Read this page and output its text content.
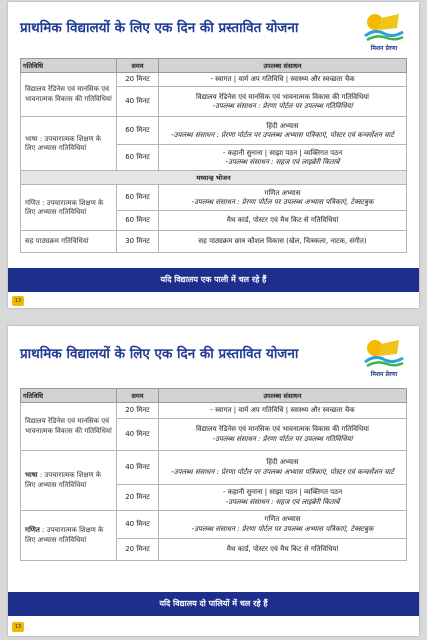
प्राथमिक विद्यालयों के लिए एक दिन की प्रस्तावित योजना
मिशन प्रेरणा
गतिविधि	समय	उपलब्ध संसाधन
विद्यालय रेडिनेस एवं मानसिक एवं भावनात्मक विकास की गतिविधियां	20 मिनट	- स्वागत | वार्म अप गतिविधि | स्वास्थ्य और स्वच्छता चैक

	40 मिनट	विद्यालय रेडिनेस एवं मानसिक एवं भावनात्मक विकास की गतिविधियां
-उपलब्ध संसाधन : प्रेरणा पोर्टल पर उपलब्ध गतिविधियां

भाषा : उपचारात्मक शिक्षण के लिए अभ्यास गतिविधियां	60 मिनट	हिंदी अभ्यास
-उपलब्ध संसाधन : प्रेरणा पोर्टल पर उपलब्ध अभ्यास पत्रिकाएं, पोस्टर एवं कन्वर्सेशन चार्ट

	60 मिनट	- कहानी सुनाना | साझा पठन | व्यक्तिगत पठन
-उपलब्ध संसाधन : सहज एवं लाइब्रेरी किताबें

मध्यान्ह भोजन		
गणित : उपचारात्मक शिक्षण के लिए अभ्यास गतिविधियां	60 मिनट	गणित अभ्यास
-उपलब्ध संसाधन : प्रेरणा पोर्टल पर उपलब्ध अभ्यास पत्रिकाएं, टेक्स्टबुक

	60 मिनट	मैथ कार्ड, पोस्टर एवं मैथ किट से गतिविधियां

सह पाठ्यक्रम गतिविधियां	30 मिनट	सह पाठ्यक्रम छात्र कौशल विकास (खेल, चित्रकला, नाटक, संगीत)
यदि विद्यालय एक पाली में चल रहे हैं
13
प्राथमिक विद्यालयों के लिए एक दिन की प्रस्तावित योजना
मिशन प्रेरणा
गतिविधि	समय	उपलब्ध संसाधन
विद्यालय रेडिनेस एवं मानसिक एवं भावनात्मक विकास की गतिविधियां	20 मिनट	- स्वागत | वार्म अप गतिविधि | स्वास्थ्य और स्वच्छता चैक

	40 मिनट	विद्यालय रेडिनेस एवं मानसिक एवं भावनात्मक विकास की गतिविधियां
-उपलब्ध संसाधन : प्रेरणा पोर्टल पर उपलब्ध गतिविधियां

भाषा : उपचारात्मक शिक्षण के लिए अभ्यास गतिविधियां	40 मिनट	हिंदी अभ्यास
-उपलब्ध संसाधन : प्रेरणा पोर्टल पर उपलब्ध अभ्यास पत्रिकाएं, पोस्टर एवं कन्वर्सेशन चार्ट

	20 मिनट	- कहानी सुनाना | साझा पठन | व्यक्तिगत पठन
-उपलब्ध संसाधन : सहज एवं लाइब्रेरी किताबें

गणित : उपचारात्मक शिक्षण के लिए अभ्यास गतिविधियां	40 मिनट	गणित अभ्यास
-उपलब्ध संसाधन : प्रेरणा पोर्टल पर उपलब्ध अभ्यास पत्रिकाएं, टेक्स्टबुक

	20 मिनट	मैथ कार्ड, पोस्टर एवं मैथ किट से गतिविधियां
यदि विद्यालय दो पालियों में चल रहे हैं
13
